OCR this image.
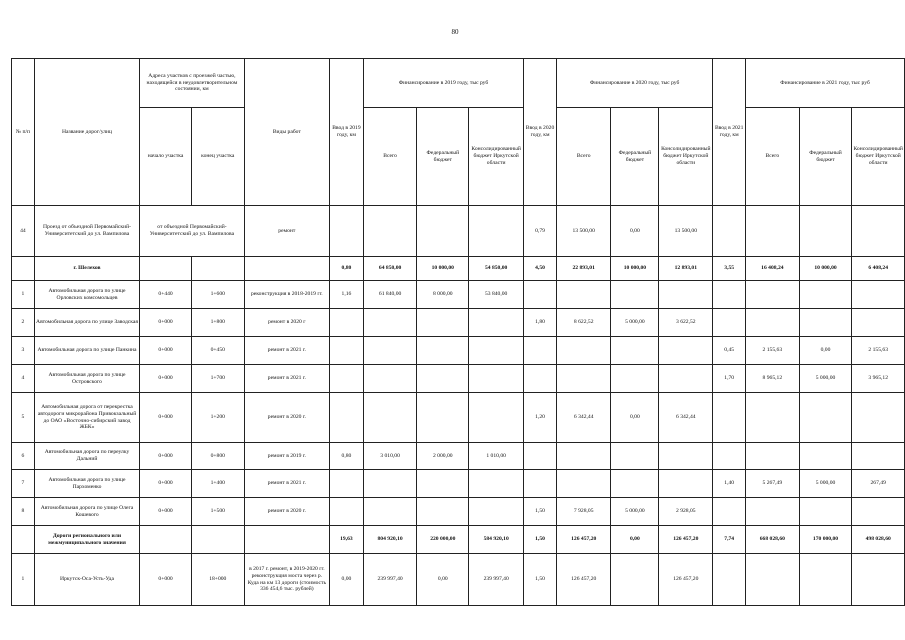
80
№ п/п	Название дорог/улиц	Адреса участков с проезжей частью, находящейся в неудовлетворительном состоянии, км		Виды работ	Ввод в 2019 году, км	Финансирование в 2019 году, тыс руб			Ввод в 2020 году, км	Финансирование в 2020 году, тыс руб			Ввод в 2021 году, км	Финансирование в 2021 году, тыс руб		
		начало участка	конец участка			Всего	Федеральный бюджет	Консолидированный бюджет Иркутской области		Всего	Федеральный бюджет	Консолидированный бюджет Иркутской области		Всего	Федеральный бюджет	Консолидированный бюджет Иркутской области
44	Проезд от объездной Первомайский-Университетский до ул. Вампилова	от объездной Первомайский-Университетский до ул. Вампилова		ремонт					0,79	13 500,00	0,00	13 500,00				
	г. Шелехов				0,80	64 850,00	10 000,00	54 850,00	4,50	22 893,01	10 000,00	12 893,01	3,55	16 408,24	10 000,00	6 408,24
1	Автомобильная дорога по улице Орловских комсомольцев	0+440	1+600	реконструкция в 2018-2019 гг.	1,16	61 840,00	8 000,00	53 840,00								
2	Автомобильная дорога по улице Заводская	0+000	1+800	ремонт в 2020 г					1,80	8 622,52	5 000,00	3 622,52				
3	Автомобильная дорога по улице Панкина	0+000	0+450	ремонт в 2021 г.									0,45	2 155,63	0,00	2 155,63
4	Автомобильная дорога по улице Островского	0+000	1+700	ремонт в 2021 г.									1,70	8 965,12	5 000,00	3 965,12
5	Автомобильная дорога от перекрестка автодороги микрорайона Привокзальный до ОАО «Восточно-сибирский завод ЖБК»	0+000	1+200	ремонт в 2020 г.					1,20	6 342,44	0,00	6 342,44				
6	Автомобильная дорога по переулку Дальний	0+000	0+800	ремонт в 2019 г.	0,80	3 010,00	2 000,00	1 010,00								
7	Автомобильная дорога по улице Пархоменко	0+000	1+400	ремонт в 2021 г.									1,40	5 267,49	5 000,00	267,49
8	Автомобильная дорога по улице Олега Кошевого	0+000	1+500	ремонт в 2020 г.					1,50	7 928,05	5 000,00	2 928,05				
	Дороги регионального или межмуниципального значения				19,63	804 920,10	220 000,00	584 920,10	1,50	126 457,20	0,00	126 457,20	7,74	668 028,60	170 000,00	498 028,60
1	Иркутск-Оса-Усть-Уда	0+000	18+000	в 2017 г. ремонт, в 2019-2020 гг. реконструкция моста через р. Куда на км 13 дороги (стоимость 336 454,6 тыс. рублей)	0,00	239 997,40	0,00	239 997,40	1,50	126 457,20		126 457,20				
